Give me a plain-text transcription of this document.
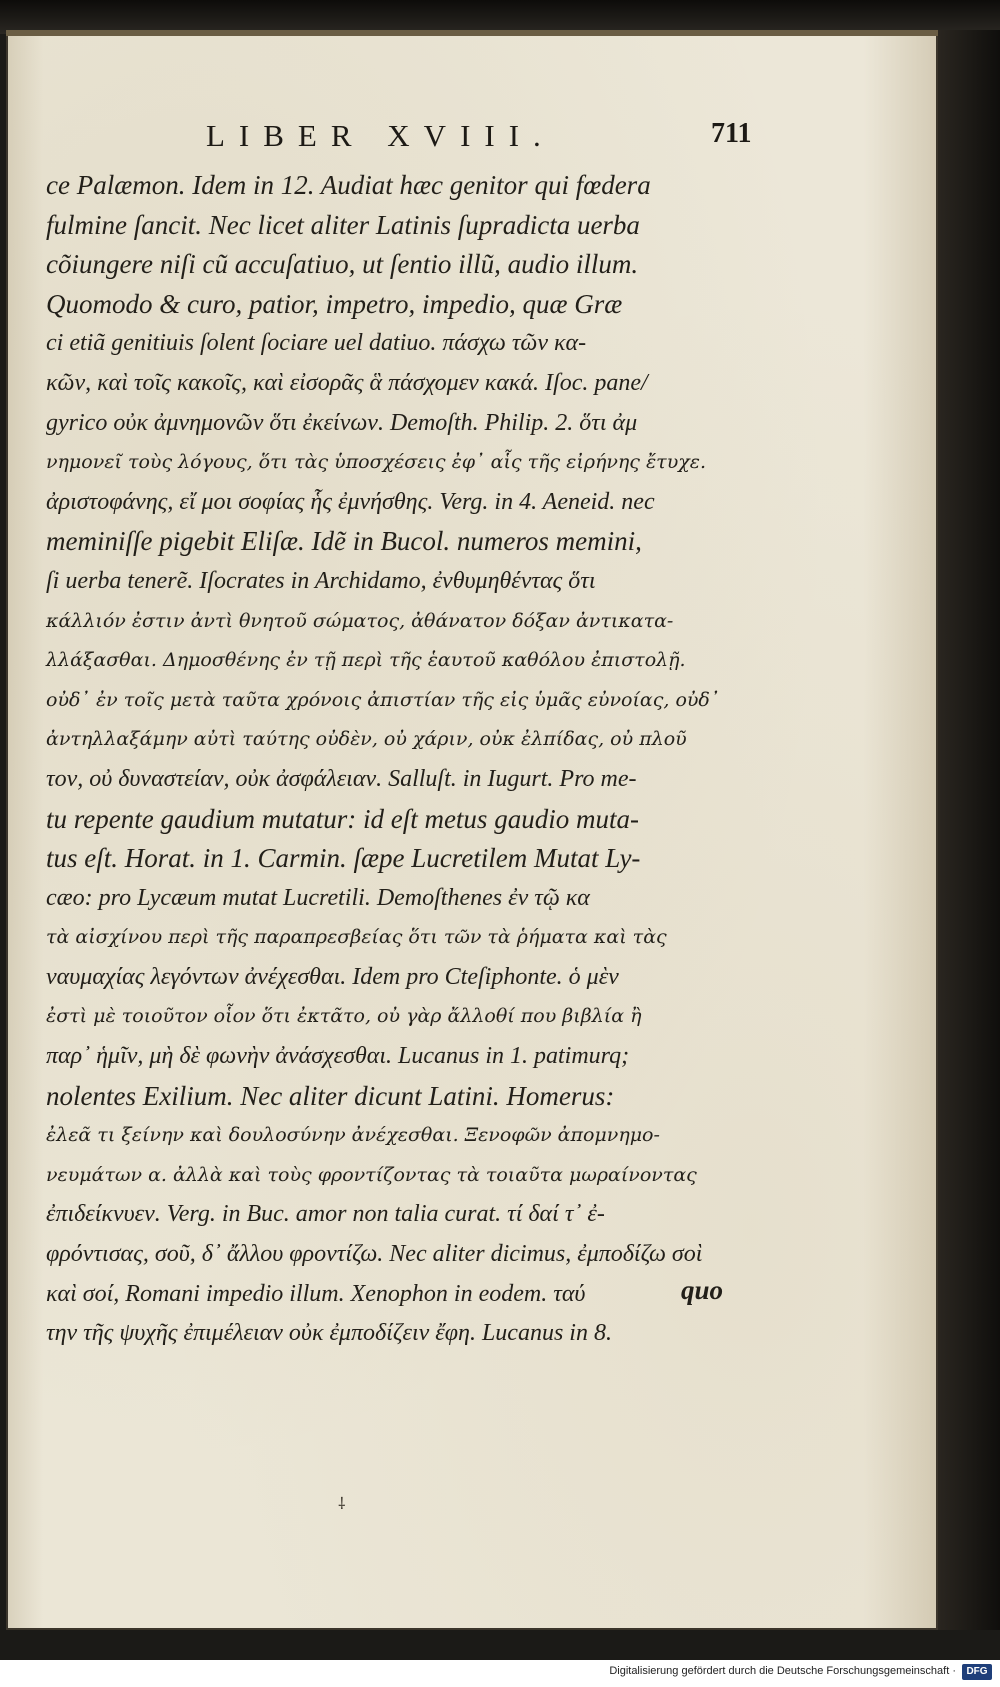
LIBER XVIII.	711
ce Palæmon. Idem in 12. Audiat hæc genitor qui fœdera
fulmine ſancit. Nec licet aliter Latinis ſupradicta uerba
cõiungere niſi cũ accuſatiuo, ut ſentio illũ, audio illum.
Quomodo & curo, patior, impetro, impedio, quæ Græ
ci etiã genitiuis ſolent ſociare uel datiuo. πάσχω τῶν κα-
κῶν, καὶ τοῖς κακοῖς, καὶ εἰσορᾶς ἃ πάσχομεν κακά. Iſoc. pane/
gyrico οὐκ ἀμνημονῶν ὅτι ἐκείνων. Demoſth. Philip. 2. ὅτι ἀμ
νημονεῖ τοὺς λόγους, ὅτι τὰς ὑποσχέσεις ἐφ᾽ αἷς τῆς εἰρήνης ἔτυχε.
ἀριστοφάνης, εἴ μοι σοφίας ἧς ἐμνήσθης. Verg. in 4. Aeneid. nec
meminiſſe pigebit Eliſæ. Idẽ in Bucol. numeros memini,
ſi uerba tenerẽ. Iſocrates in Archidamo, ἐνθυμηθέντας ὅτι
κάλλιόν ἐστιν ἀντὶ θνητοῦ σώματος, ἀθάνατον δόξαν ἀντικατα-
λλάξασθαι. Δημοσθένης ἐν τῇ περὶ τῆς ἑαυτοῦ καθόλου ἐπιστολῇ.
οὐδ᾽ ἐν τοῖς μετὰ ταῦτα χρόνοις ἀπιστίαν τῆς εἰς ὑμᾶς εὐνοίας, οὐδ᾽
ἀντηλλαξάμην αὐτὶ ταύτης οὐδὲν, οὐ χάριν, οὐκ ἐλπίδας, οὐ πλοῦ
τον, οὐ δυναστείαν, οὐκ ἀσφάλειαν. Salluſt. in Iugurt. Pro me-
tu repente gaudium mutatur: id eſt metus gaudio muta-
tus eſt. Horat. in 1. Carmin. ſæpe Lucretilem Mutat Ly-
cæo: pro Lycæum mutat Lucretili. Demoſthenes ἐν τῷ κα
τὰ αἰσχίνου περὶ τῆς παραπρεσβείας ὅτι τῶν τὰ ῥήματα καὶ τὰς
ναυμαχίας λεγόντων ἀνέχεσθαι. Idem pro Cteſiphonte. ὁ μὲν
ἐστὶ μὲ τοιοῦτον οἷον ὅτι ἐκτᾶτο, οὐ γὰρ ἄλλοθί που βιβλία ἢ
παρ᾽ ἡμῖν, μὴ δὲ φωνὴν ἀνάσχεσθαι. Lucanus in 1. patimurq;
nolentes Exilium. Nec aliter dicunt Latini. Homerus:
ἐλεᾶ τι ξείνην καὶ δουλοσύνην ἀνέχεσθαι. Ξενοφῶν ἀπομνημο-
νευμάτων α. ἀλλὰ καὶ τοὺς φροντίζοντας τὰ τοιαῦτα μωραίνοντας
ἐπιδείκνυεν. Verg. in Buc. amor non talia curat. τί δαί τ᾽ ἐ-
φρόντισας, σοῦ, δ᾽ ἄλλου φροντίζω. Nec aliter dicimus, ἐμποδίζω σοὶ
καὶ σοί, Romani impedio illum. Xenophon in eodem. ταύ
την τῆς ψυχῆς ἐπιμέλειαν οὐκ ἐμποδίζειν ἔφη. Lucanus in 8.
quo
⸸
Digitalisierung gefördert durch die Deutsche Forschungsgemeinschaft ·	DFG
